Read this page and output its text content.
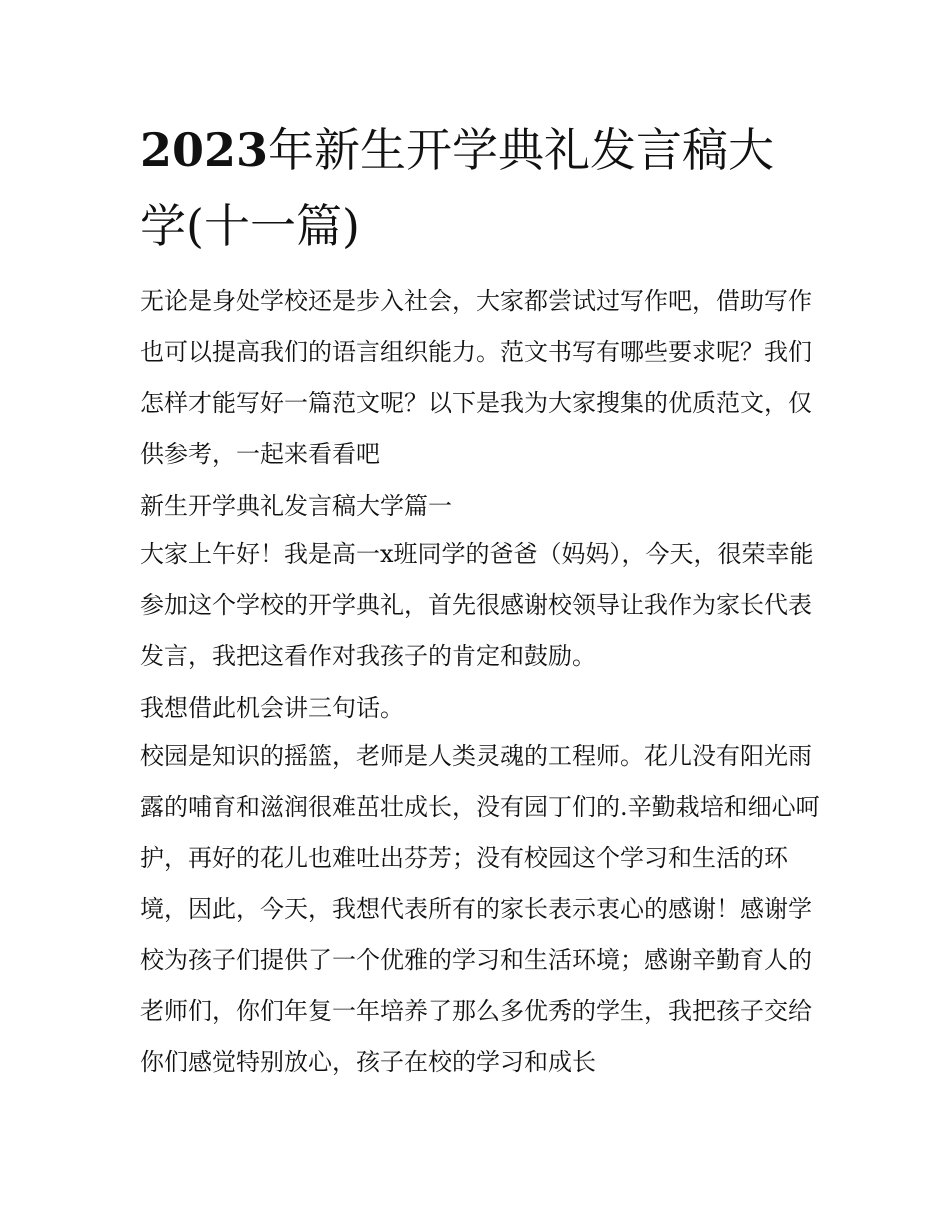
2023年新生开学典礼发言稿大学(十一篇)

无论是身处学校还是步入社会，大家都尝试过写作吧，借助写作也可以提高我们的语言组织能力。范文书写有哪些要求呢？我们怎样才能写好一篇范文呢？以下是我为大家搜集的优质范文，仅供参考，一起来看看吧

新生开学典礼发言稿大学篇一

大家上午好！我是高一x班同学的爸爸（妈妈），今天，很荣幸能参加这个学校的开学典礼，首先很感谢校领导让我作为家长代表发言，我把这看作对我孩子的肯定和鼓励。

我想借此机会讲三句话。

校园是知识的摇篮，老师是人类灵魂的工程师。花儿没有阳光雨露的哺育和滋润很难茁壮成长，没有园丁们的.辛勤栽培和细心呵护，再好的花儿也难吐出芬芳；没有校园这个学习和生活的环境，因此，今天，我想代表所有的家长表示衷心的感谢！感谢学校为孩子们提供了一个优雅的学习和生活环境；感谢辛勤育人的老师们，你们年复一年培养了那么多优秀的学生，我把孩子交给你们感觉特别放心，孩子在校的学习和成长
